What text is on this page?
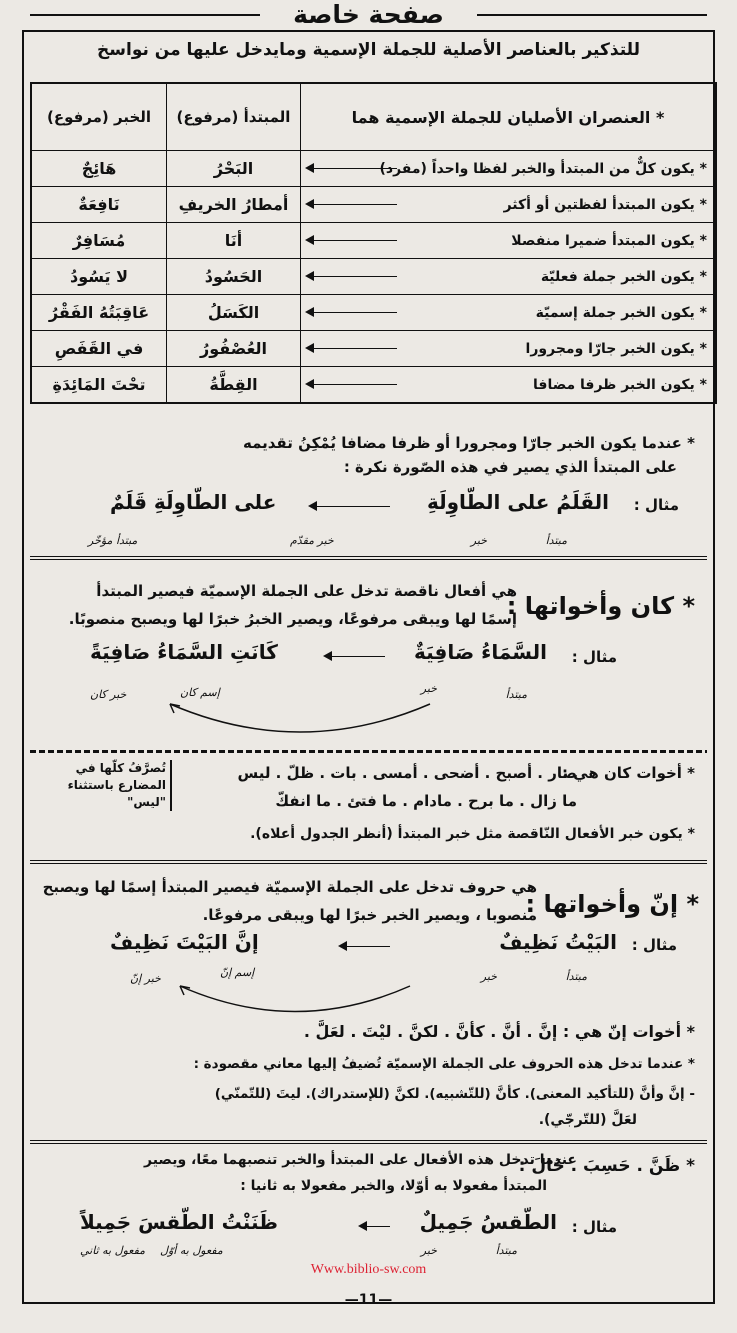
صفحة خاصة
للتذكير بالعناصر الأصلية للجملة الإسمية ومايدخل عليها من نواسخ
* العنصران الأصليان للجملة الإسمية هما
المبتدأ (مرفوع)
الخبر (مرفوع)
* يكون كلٌّ من المبتدأ والخبر لفظا واحداً (مفرد)
البَحْرُ
هَائِجٌ
* يكون المبتدأ لفظتين أو أكثر
أمطارُ الخريفِ
نَافِعَةٌ
* يكون المبتدأ ضميرا منفصلا
أنَا
مُسَافِرٌ
* يكون الخبر جملة فعليّة
الحَسُودُ
لا يَسُودُ
* يكون الخبر جملة إسميّة
الكَسَلُ
عَاقِبَتُهُ الفَقْرُ
* يكون الخبر جارّا ومجرورا
العُصْفُورُ
في القَفَصِ
* يكون الخبر ظرفا مضافا
القِطَّةُ
تحْتَ المَائِدَةِ
* عندما يكون الخبر جارّا ومجرورا أو ظرفا مضافا يُمْكِنُ تقديمه
على المبتدأ الذي يصير في هذه الصّورة نكرة :
مثال :
القَلَمُ على الطّاوِلَةِ
على الطّاوِلَةِ قَلَمٌ
مبتدأ
خبر
خبر مقدّم
مبتدأ مؤخّر
* كان وأخواتها :
هي أفعال ناقصة تدخل على الجملة الإسميّة فيصير المبتدأ
إسمًا لها ويبقى مرفوعًا، ويصير الخبرُ خبرًا لها ويصبح منصوبًا.
مثال :
السَّمَاءُ صَافِيَةٌ
كَانَتِ السَّمَاءُ صَافِيَةً
مبتدأ
خبر
إسم كان
خبر كان
* أخوات كان هي :
صار . أصبح . أضحى . أمسى . بات . ظلّ . ليس
ما زال . ما برح . مادام . ما فتئ . ما انفكّ
تُصرَّفُ كلّها في المضارع باستثناء "ليس"
* يكون خبر الأفعال النّاقصة مثل خبر المبتدأ (أنظر الجدول أعلاه).
* إنّ وأخواتها :
هي حروف تدخل على الجملة الإسميّة فيصير المبتدأ إسمًا لها ويصبح
منصوبا ، ويصير الخبر خبرًا لها ويبقى مرفوعًا.
مثال :
البَيْتُ نَظِيفٌ
إنَّ البَيْتَ نَظِيفٌ
مبتدأ
خبر
إسم إنّ
خبر إنّ
* أخوات إنّ هي : إنَّ . أنَّ . كأنَّ . لكنَّ . ليْتَ . لعَلَّ .
* عندما تدخل هذه الحروف على الجملة الإسميّة تُضيفُ إليها معاني مقصودة :
- إنَّ وأنَّ (للتأكيد المعنى). كأنَّ (للتّشبيه). لكنَّ (للإستدراك). ليتَ (للتّمنّي)
لعَلَّ (للتّرجّي).
* ظَنَّ . حَسِبَ . خَالَ :
عندما تدخل هذه الأفعال على المبتدأ والخبر تنصبهما معًا، ويصير
المبتدأ مفعولا به أوّلا، والخبر مفعولا به ثانيا :
مثال :
الطّقسُ جَمِيلٌ
ظَنَنْتُ الطّقسَ جَمِيلاً
مبتدأ
خبر
مفعول به أوّل
مفعول به ثاني
Www.biblio-sw.com
—11—
